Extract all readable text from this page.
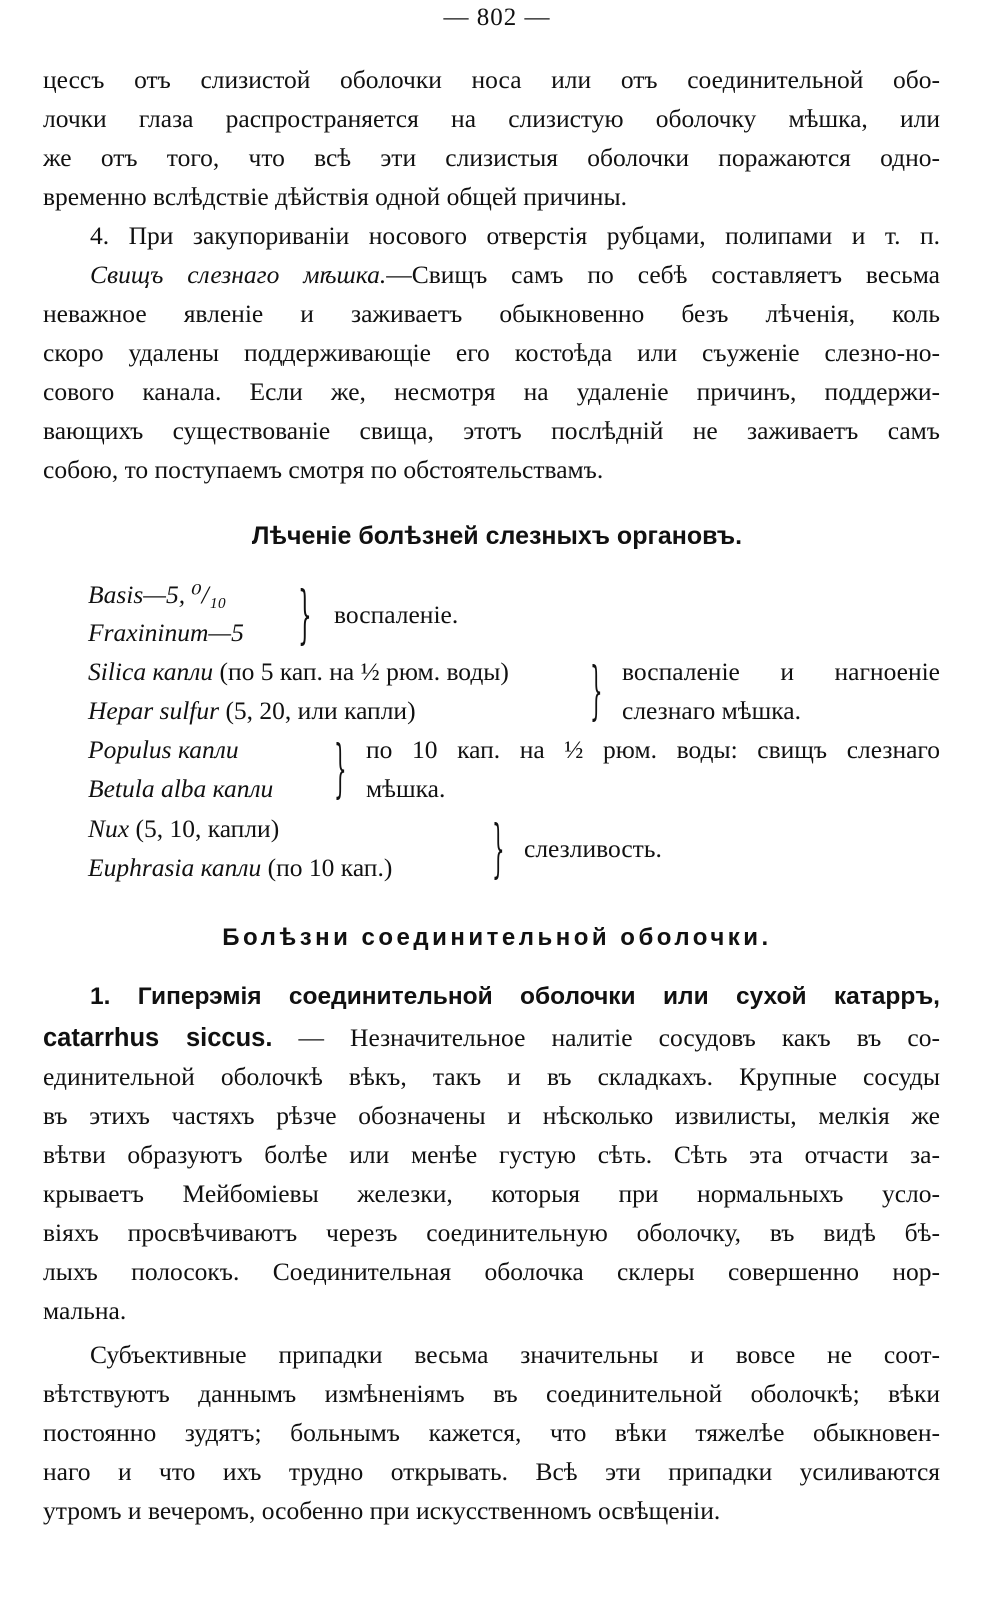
— 802 —
цессъ отъ слизистой оболочки носа или отъ соединительной обо-
лочки глаза распространяется на слизистую оболочку мѣшка, или
же отъ того, что всѣ эти слизистыя оболочки поражаются одно-
временно вслѣдствіе дѣйствія одной общей причины.
4. При закупориваніи носового отверстія рубцами, полипами и т. п.
Свищъ слезнаго мѣшка.—Свищъ самъ по себѣ составляетъ весьма
неважное явленіе и заживаетъ обыкновенно безъ лѣченія, коль
скоро удалены поддерживающіе его костоѣда или съуженіе слезно-но-
сового канала. Если же, несмотря на удаленіе причинъ, поддержи-
вающихъ существованіе свища, этотъ послѣдній не заживаетъ самъ
собою, то поступаемъ смотря по обстоятельствамъ.
Лѣченіе болѣзней слезныхъ органовъ.
Basis—5, ⁰/₁₀
Fraxininum—5 } воспаленіе.
Silica капли (по 5 кап. на ½ рюм. воды)
Hepar sulfur (5, 20, или капли)	} воспаленіе и нагноеніе
слезнаго мѣшка.
Populus капли
Betula alba капли } по 10 кап. на ½ рюм. воды: свищъ слезнаго
мѣшка.
Nux (5, 10, капли)
Euphrasia капли (по 10 кап.)	} слезливость.
Болѣзни соединительной оболочки.
1. Гиперэмія соединительной оболочки или сухой катарръ,
catarrhus siccus. — Незначительное налитіе сосудовъ какъ въ со-
единительной оболочкѣ вѣкъ, такъ и въ складкахъ. Крупные сосуды
въ этихъ частяхъ рѣзче обозначены и нѣсколько извилисты, мелкія же
вѣтви образуютъ болѣе или менѣе густую сѣть. Сѣть эта отчасти за-
крываетъ Мейбоміевы железки, которыя при нормальныхъ усло-
віяхъ просвѣчиваютъ черезъ соединительную оболочку, въ видѣ бѣ-
лыхъ полосокъ. Соединительная оболочка склеры совершенно нор-
мальна.
Субъективные припадки весьма значительны и вовсе не соот-
вѣтствуютъ даннымъ измѣненіямъ въ соединительной оболочкѣ; вѣки
постоянно зудятъ; больнымъ кажется, что вѣки тяжелѣе обыкновен-
наго и что ихъ трудно открывать. Всѣ эти припадки усиливаются
утромъ и вечеромъ, особенно при искусственномъ освѣщеніи.
